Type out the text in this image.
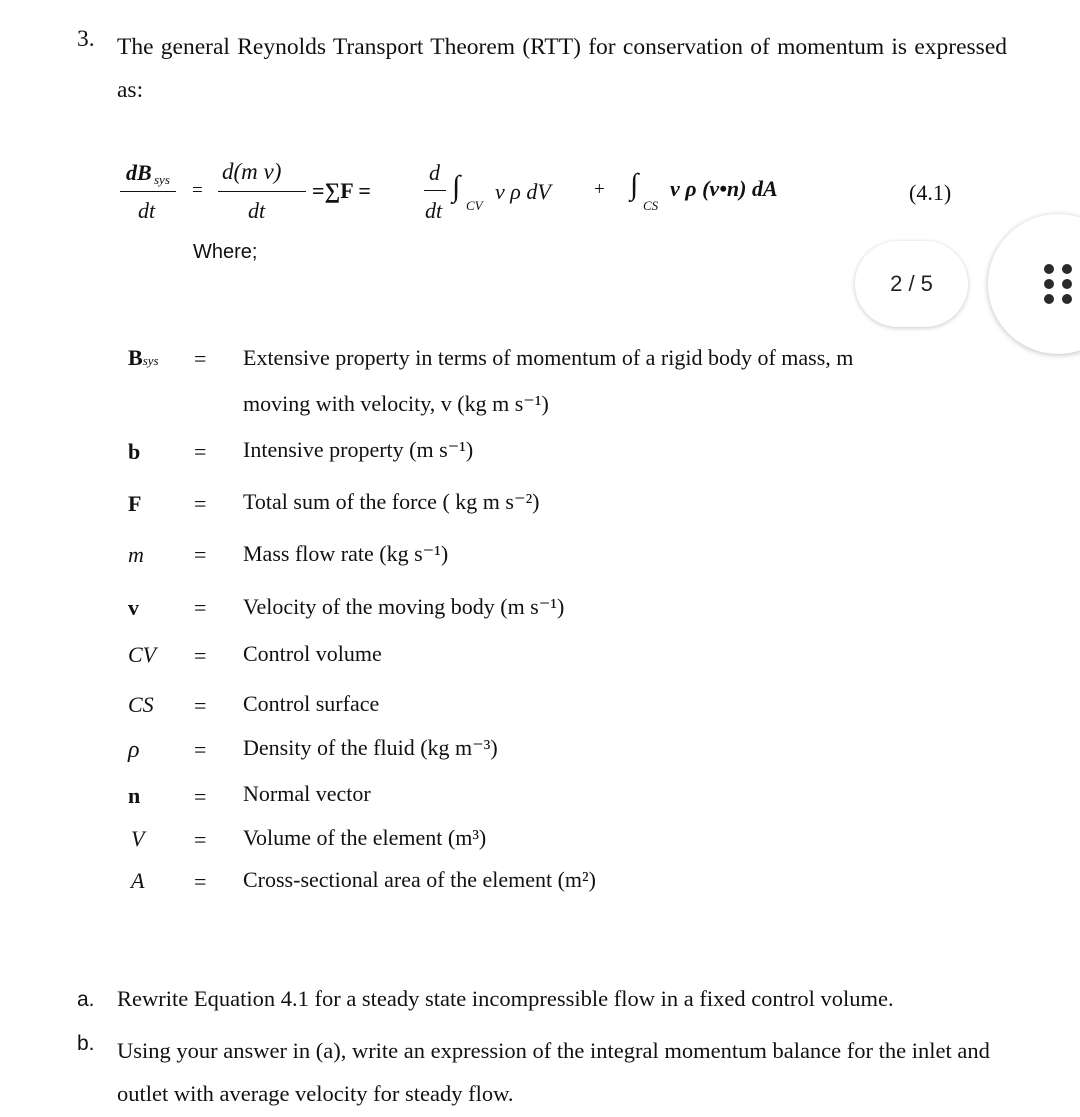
3. The general Reynolds Transport Theorem (RTT) for conservation of momentum is expressed as:
dB sys
dt
=
d(m v)
dt
=∑F =
d
dt
∫
CV
v ρ dV + ∫
CS
v ρ (v•n) dA	(4.1)
Where;
2 / 5
Bsys = Extensive property in terms of momentum of a rigid body of mass, m
moving with velocity, v (kg m s⁻¹)
b = Intensive property (m s⁻¹)
F = Total sum of the force ( kg m s⁻²)
m = Mass flow rate (kg s⁻¹)
v	= Velocity of the moving body (m s⁻¹)
CV = Control volume
CS = Control surface
ρ = Density of the fluid (kg m⁻³)
n = Normal vector
V = Volume of the element (m³)
A = Cross-sectional area of the element (m²)
a. Rewrite Equation 4.1 for a steady state incompressible flow in a fixed control volume.
b. Using your answer in (a), write an expression of the integral momentum balance for the inlet and outlet with average velocity for steady flow.
